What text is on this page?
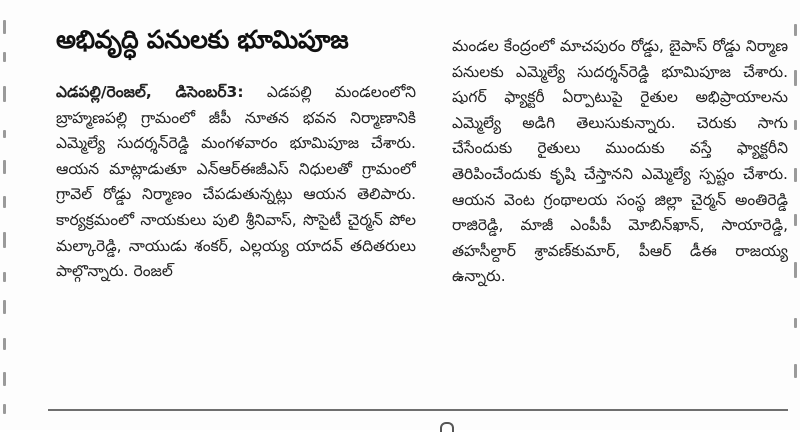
అభివృద్ధి పనులకు భూమిపూజ

ఎడపల్లి/రెంజల్, డిసెంబర్3: ఎడపల్లి మండలంలోని బ్రాహ్మణపల్లి గ్రామంలో జీపీ నూతన భవన నిర్మాణానికి ఎమ్మెల్యే సుదర్శన్‌రెడ్డి మంగళవారం భూమిపూజ చేశారు. ఆయన మాట్లాడుతూ ఎన్ఆర్ఈజీఎస్ నిధులతో గ్రామంలో గ్రావెల్ రోడ్డు నిర్మాణం చేపడుతున్నట్లు ఆయన తెలిపారు. కార్యక్రమంలో నాయకులు పులి శ్రీనివాస్, సొసైటీ చైర్మన్ పోల మల్కారెడ్డి, నాయుడు శంకర్, ఎల్లయ్య యాదవ్ తదితరులు పాల్గొన్నారు. రెంజల్

మండల కేంద్రంలో మాచపురం రోడ్డు, బైపాస్ రోడ్డు నిర్మాణ పనులకు ఎమ్మెల్యే సుదర్శన్‌రెడ్డి భూమిపూజ చేశారు. షుగర్ ఫ్యాక్టరీ ఏర్పాటుపై రైతుల అభిప్రాయాలను ఎమ్మెల్యే అడిగి తెలుసుకున్నారు. చెరుకు సాగు చేసేందుకు రైతులు ముందుకు వస్తే ఫ్యాక్టరీని తెరిపించేందుకు కృషి చేస్తానని ఎమ్మెల్యే స్పష్టం చేశారు. ఆయన వెంట గ్రంథాలయ సంస్థ జిల్లా చైర్మన్ అంతిరెడ్డి రాజిరెడ్డి, మాజీ ఎంపీపీ మోబిన్‌ఖాన్, సాయారెడ్డి, తహసీల్దార్ శ్రావణ్‌కుమార్, పీఆర్ డీఈ రాజయ్య ఉన్నారు.
